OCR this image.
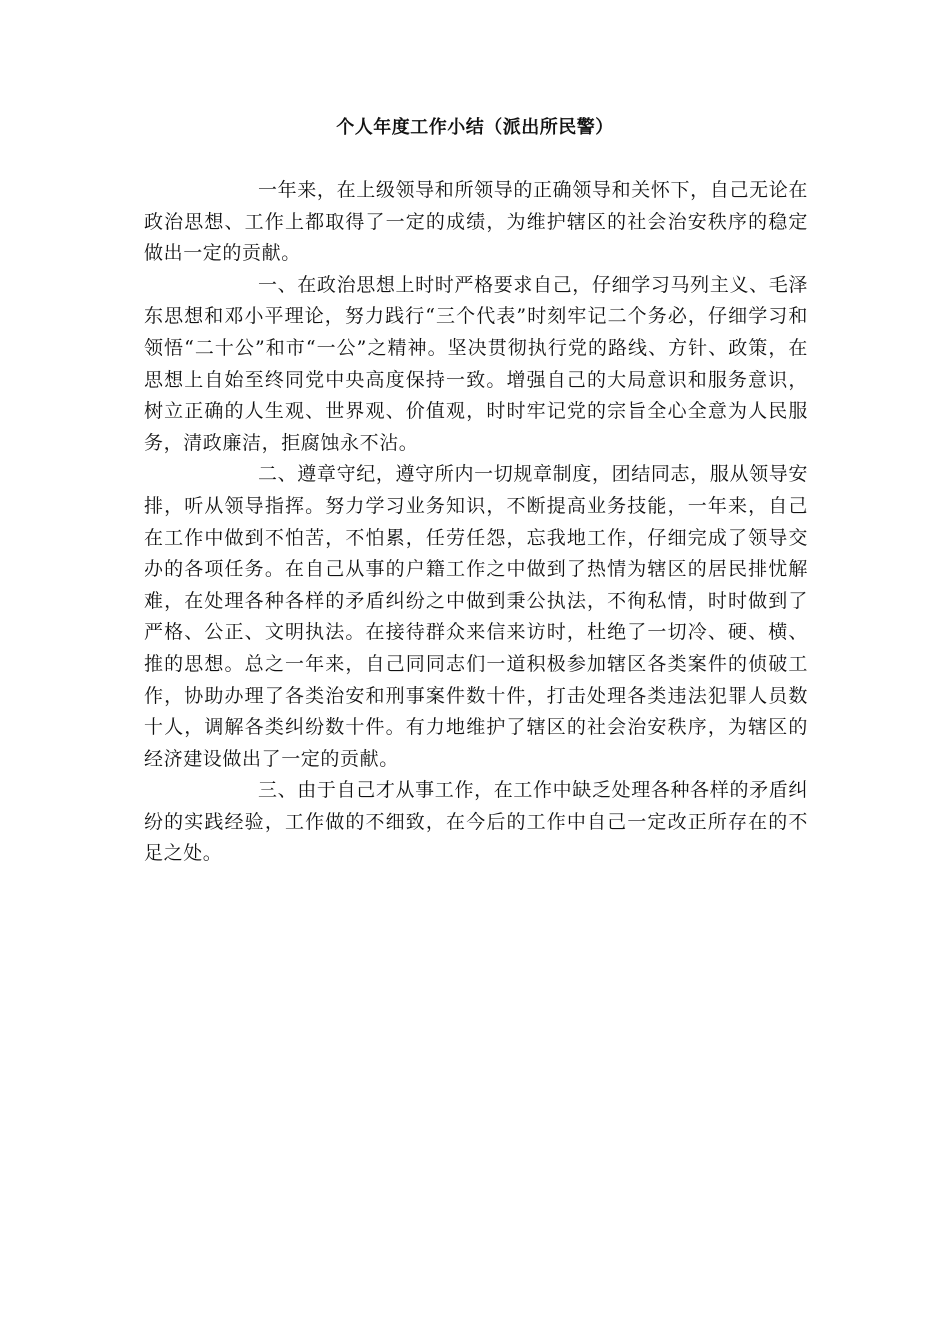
个人年度工作小结（派出所民警）

一年来，在上级领导和所领导的正确领导和关怀下，自己无论在政治思想、工作上都取得了一定的成绩，为维护辖区的社会治安秩序的稳定做出一定的贡献。

一、在政治思想上时时严格要求自己，仔细学习马列主义、毛泽东思想和邓小平理论，努力践行“三个代表”时刻牢记二个务必，仔细学习和领悟“二十公”和市“一公”之精神。坚决贯彻执行党的路线、方针、政策，在思想上自始至终同党中央高度保持一致。增强自己的大局意识和服务意识，树立正确的人生观、世界观、价值观，时时牢记党的宗旨全心全意为人民服务，清政廉洁，拒腐蚀永不沾。

二、遵章守纪，遵守所内一切规章制度，团结同志，服从领导安排，听从领导指挥。努力学习业务知识，不断提高业务技能，一年来，自己在工作中做到不怕苦，不怕累，任劳任怨，忘我地工作，仔细完成了领导交办的各项任务。在自己从事的户籍工作之中做到了热情为辖区的居民排忧解难，在处理各种各样的矛盾纠纷之中做到秉公执法，不徇私情，时时做到了严格、公正、文明执法。在接待群众来信来访时，杜绝了一切冷、硬、横、推的思想。总之一年来，自己同同志们一道积极参加辖区各类案件的侦破工作，协助办理了各类治安和刑事案件数十件，打击处理各类违法犯罪人员数十人，调解各类纠纷数十件。有力地维护了辖区的社会治安秩序，为辖区的经济建设做出了一定的贡献。

三、由于自己才从事工作，在工作中缺乏处理各种各样的矛盾纠纷的实践经验，工作做的不细致，在今后的工作中自己一定改正所存在的不足之处。
